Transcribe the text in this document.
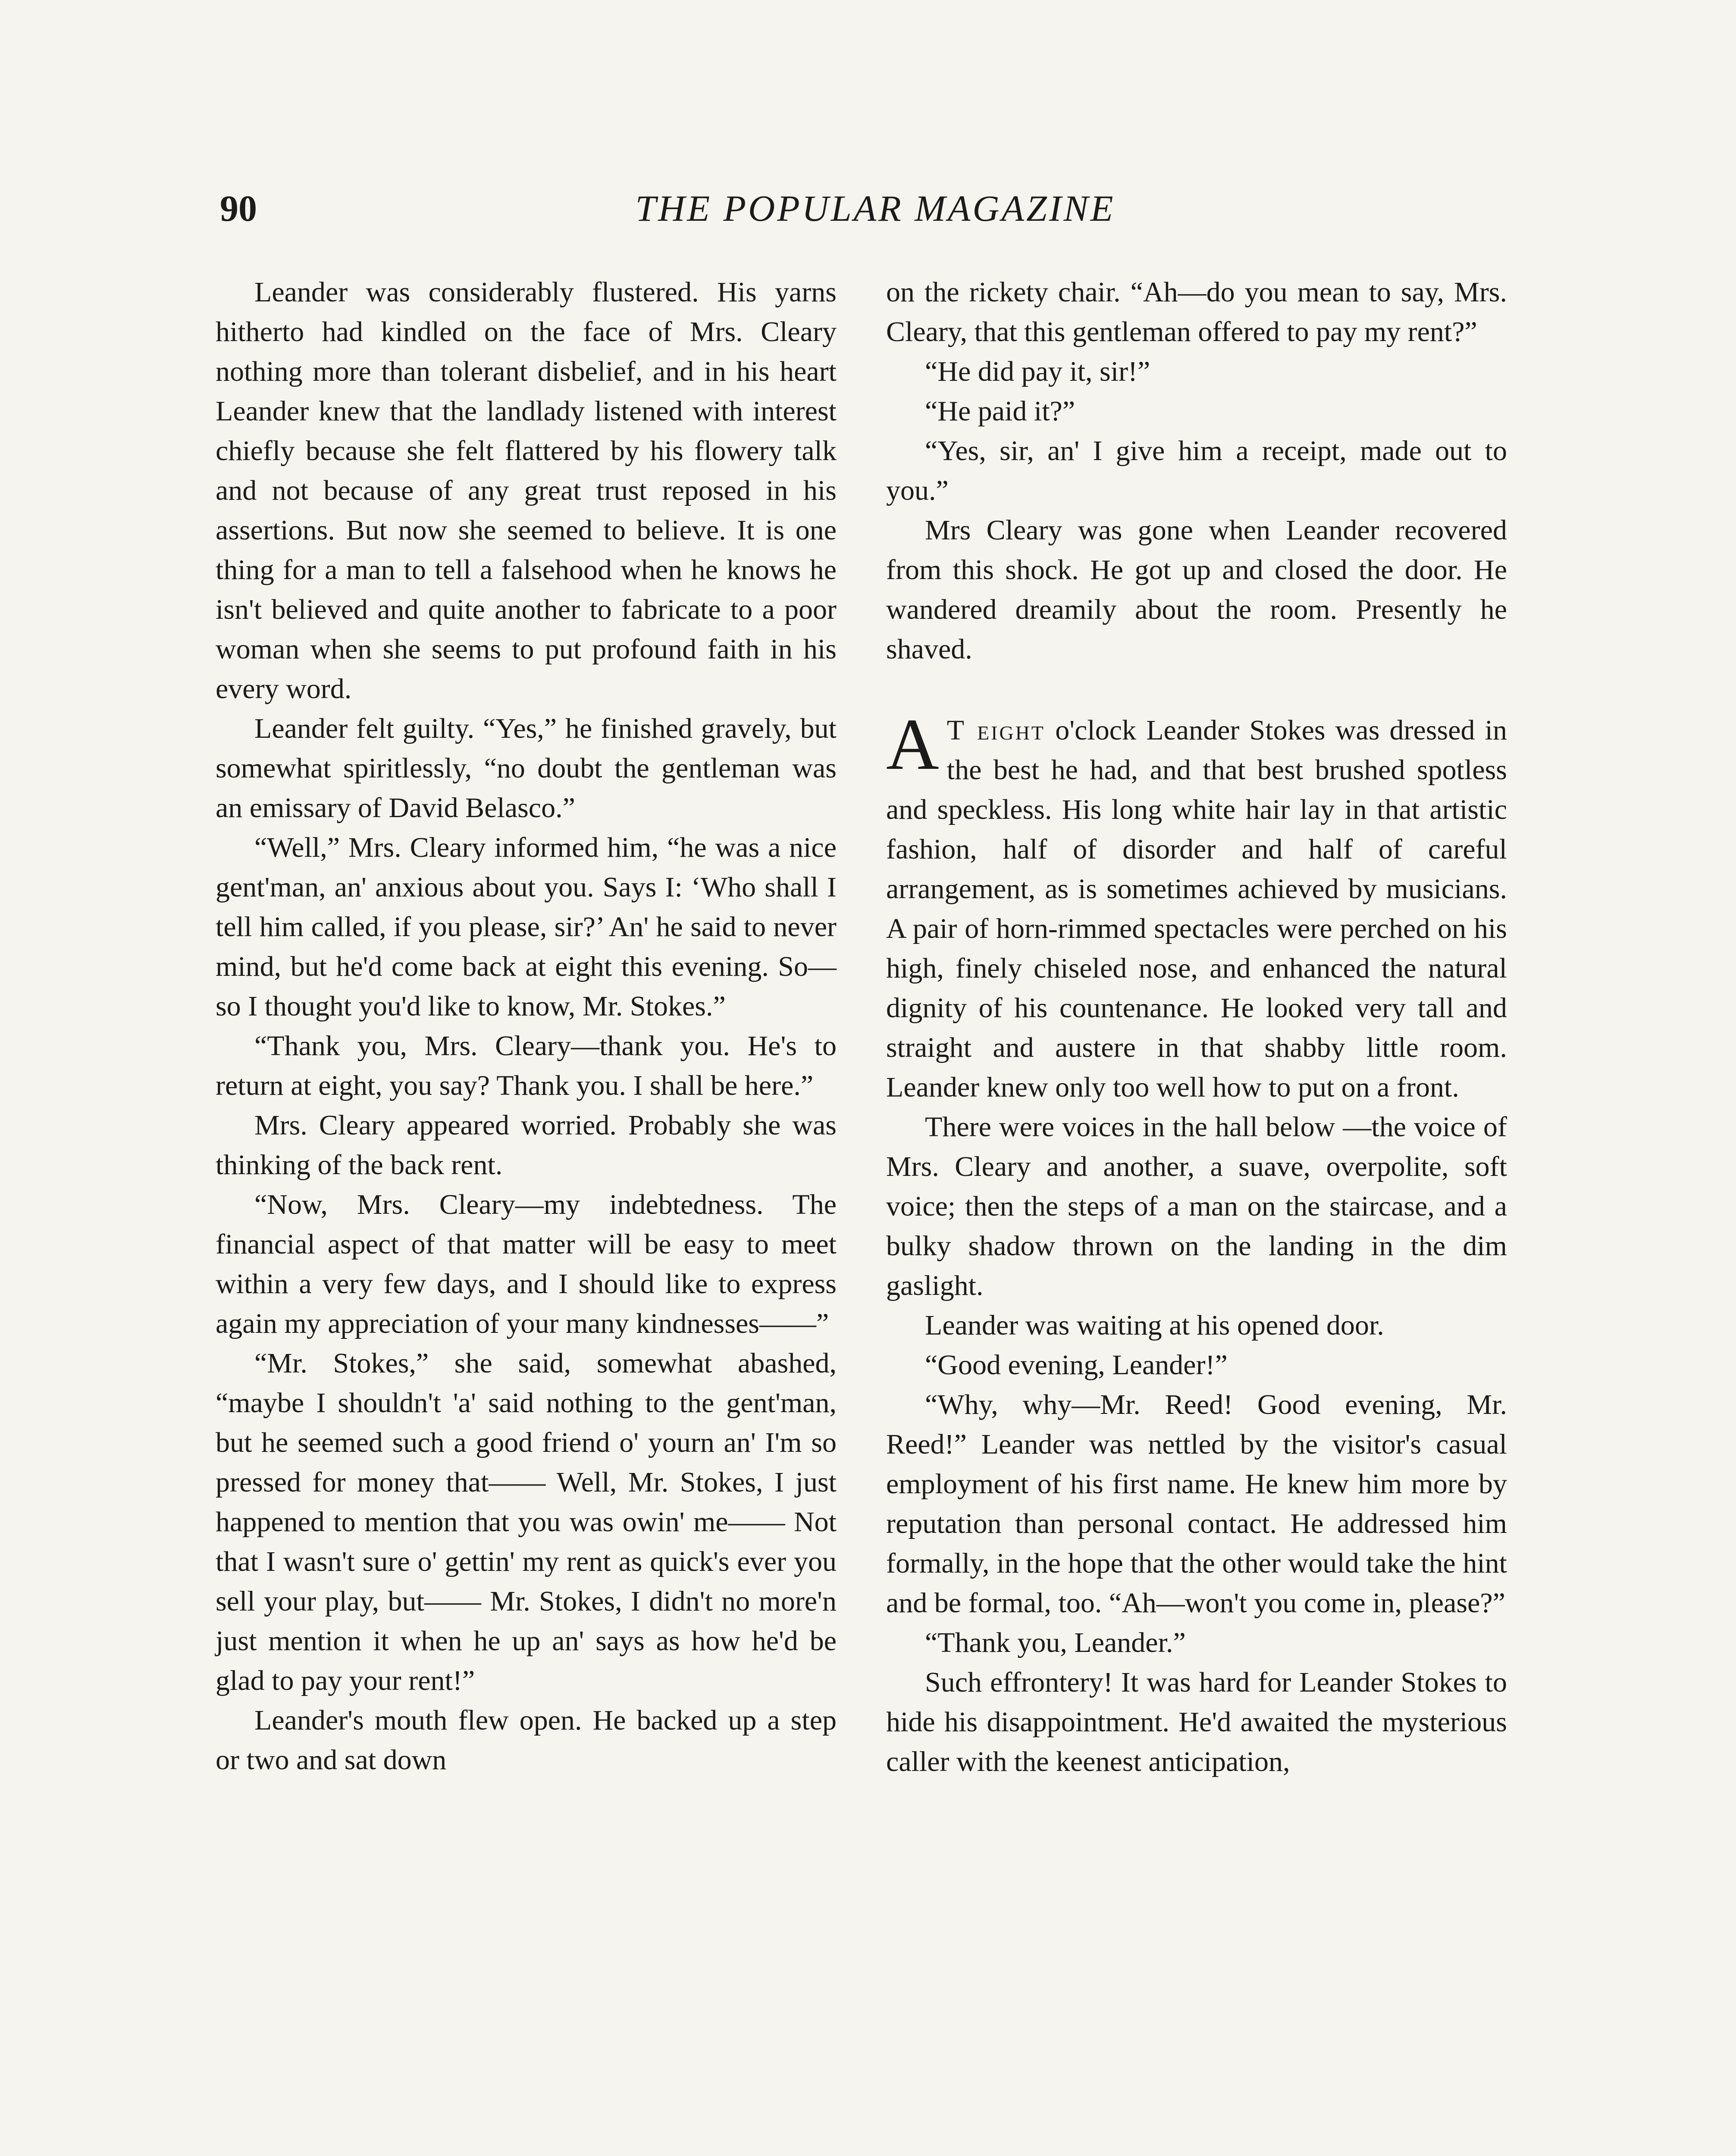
90	THE POPULAR MAGAZINE

Leander was considerably flustered. His yarns hitherto had kindled on the face of Mrs. Cleary nothing more than tolerant disbelief, and in his heart Leander knew that the landlady listened with interest chiefly because she felt flattered by his flowery talk and not because of any great trust reposed in his assertions. But now she seemed to believe. It is one thing for a man to tell a falsehood when he knows he isn't believed and quite another to fabricate to a poor woman when she seems to put profound faith in his every word.

Leander felt guilty. “Yes,” he finished gravely, but somewhat spiritlessly, “no doubt the gentleman was an emissary of David Belasco.”

“Well,” Mrs. Cleary informed him, “he was a nice gent'man, an' anxious about you. Says I: ‘Who shall I tell him called, if you please, sir?’ An' he said to never mind, but he'd come back at eight this evening. So—so I thought you'd like to know, Mr. Stokes.”

“Thank you, Mrs. Cleary—thank you. He's to return at eight, you say? Thank you. I shall be here.”

Mrs. Cleary appeared worried. Probably she was thinking of the back rent.

“Now, Mrs. Cleary—my indebtedness. The financial aspect of that matter will be easy to meet within a very few days, and I should like to express again my appreciation of your many kindnesses——”

“Mr. Stokes,” she said, somewhat abashed, “maybe I shouldn't 'a' said nothing to the gent'man, but he seemed such a good friend o' yourn an' I'm so pressed for money that—— Well, Mr. Stokes, I just happened to mention that you was owin' me—— Not that I wasn't sure o' gettin' my rent as quick's ever you sell your play, but—— Mr. Stokes, I didn't no more'n just mention it when he up an' says as how he'd be glad to pay your rent!”

Leander's mouth flew open. He backed up a step or two and sat down

on the rickety chair. “Ah—do you mean to say, Mrs. Cleary, that this gentleman offered to pay my rent?”

“He did pay it, sir!”

“He paid it?”

“Yes, sir, an' I give him a receipt, made out to you.”

Mrs Cleary was gone when Leander recovered from this shock. He got up and closed the door. He wandered dreamily about the room. Presently he shaved.

A T eight o'clock Leander Stokes was dressed in the best he had, and that best brushed spotless and speckless. His long white hair lay in that artistic fashion, half of disorder and half of careful arrangement, as is sometimes achieved by musicians. A pair of horn-rimmed spectacles were perched on his high, finely chiseled nose, and enhanced the natural dignity of his countenance. He looked very tall and straight and austere in that shabby little room. Leander knew only too well how to put on a front.

There were voices in the hall below —the voice of Mrs. Cleary and another, a suave, overpolite, soft voice; then the steps of a man on the staircase, and a bulky shadow thrown on the landing in the dim gaslight.

Leander was waiting at his opened door.

“Good evening, Leander!”

“Why, why—Mr. Reed! Good evening, Mr. Reed!” Leander was nettled by the visitor's casual employment of his first name. He knew him more by reputation than personal contact. He addressed him formally, in the hope that the other would take the hint and be formal, too. “Ah—won't you come in, please?”

“Thank you, Leander.”

Such effrontery! It was hard for Leander Stokes to hide his disappointment. He'd awaited the mysterious caller with the keenest anticipation,
